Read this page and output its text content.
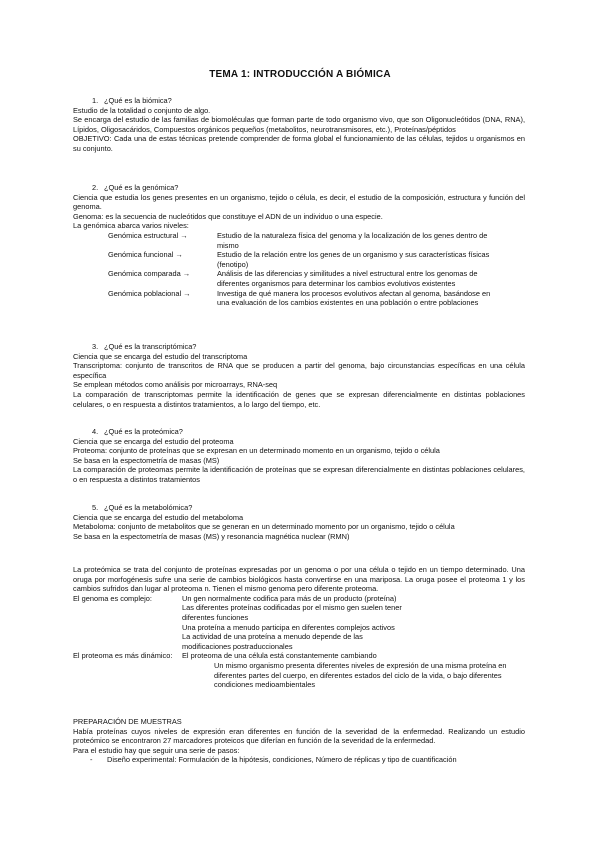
TEMA 1: INTRODUCCIÓN A BIÓMICA
1. ¿Qué es la biómica?

Estudio de la totalidad o conjunto de algo.

Se encarga del estudio de las familias de biomoléculas que forman parte de todo organismo vivo, que son Oligonucleótidos (DNA, RNA), Lípidos, Oligosacáridos, Compuestos orgánicos pequeños (metabolitos, neurotransmisores, etc.), Proteínas/péptidos

OBJETIVO: Cada una de estas técnicas pretende comprender de forma global el funcionamiento de las células, tejidos u organismos en su conjunto.

2. ¿Qué es la genómica?

Ciencia que estudia los genes presentes en un organismo, tejido o célula, es decir, el estudio de la composición, estructura y función del genoma.

Genoma: es la secuencia de nucleótidos que constituye el ADN de un individuo o una especie.

La genómica abarca varios niveles:

Genómica estructural →	Estudio de la naturaleza física del genoma y la localización de los genes dentro de mismo
Genómica funcional →	Estudio de la relación entre los genes de un organismo y sus características físicas (fenotipo)
Genómica comparada →	Análisis de las diferencias y similitudes a nivel estructural entre los genomas de diferentes organismos para determinar los cambios evolutivos existentes
Genómica poblacional →	Investiga de qué manera los procesos evolutivos afectan al genoma, basándose en una evaluación de los cambios existentes en una población o entre poblaciones
3. ¿Qué es la transcriptómica?

Ciencia que se encarga del estudio del transcriptoma

Transcriptoma: conjunto de transcritos de RNA que se producen a partir del genoma, bajo circunstancias específicas en una célula específica

Se emplean métodos como análisis por microarrays, RNA-seq

La comparación de transcriptomas permite la identificación de genes que se expresan diferencialmente en distintas poblaciones celulares, o en respuesta a distintos tratamientos, a lo largo del tiempo, etc.

4. ¿Qué es la proteómica?

Ciencia que se encarga del estudio del proteoma

Proteoma: conjunto de proteínas que se expresan en un determinado momento en un organismo, tejido o célula

Se basa en la espectometría de masas (MS)

La comparación de proteomas permite la identificación de proteínas que se expresan diferencialmente en distintas poblaciones celulares, o en respuesta a distintos tratamientos

5. ¿Qué es la metabolómica?

Ciencia que se encarga del estudio del metaboloma

Metaboloma: conjunto de metabolitos que se generan en un determinado momento por un organismo, tejido o célula

Se basa en la espectometría de masas (MS) y resonancia magnética nuclear (RMN)

La proteómica se trata del conjunto de proteínas expresadas por un genoma o por una célula o tejido en un tiempo determinado. Una oruga por morfogénesis sufre una serie de cambios biológicos hasta convertirse en una mariposa. La oruga posee el proteoma 1 y los cambios sufridos dan lugar al proteoma n. Tienen el mismo genoma pero diferente proteoma.

El genoma es complejo:	Un gen normalmente codifica para más de un producto (proteína)
Las diferentes proteínas codificadas por el mismo gen suelen tener diferentes funciones
Una proteína a menudo participa en diferentes complejos activos
La actividad de una proteína a menudo depende de las modificaciones postraduccionales
El proteoma es más dinámico:	El proteoma de una célula está constantemente cambiando
Un mismo organismo presenta diferentes niveles de expresión de una misma proteína en diferentes partes del cuerpo, en diferentes estados del ciclo de la vida, o bajo diferentes condiciones medioambientales
PREPARACIÓN DE MUESTRAS

Había proteínas cuyos niveles de expresión eran diferentes en función de la severidad de la enfermedad. Realizando un estudio proteómico se encontraron 27 marcadores proteicos que diferían en función de la severidad de la enfermedad.

Para el estudio hay que seguir una serie de pasos:

-	Diseño experimental: Formulación de la hipótesis, condiciones, Número de réplicas y tipo de cuantificación
